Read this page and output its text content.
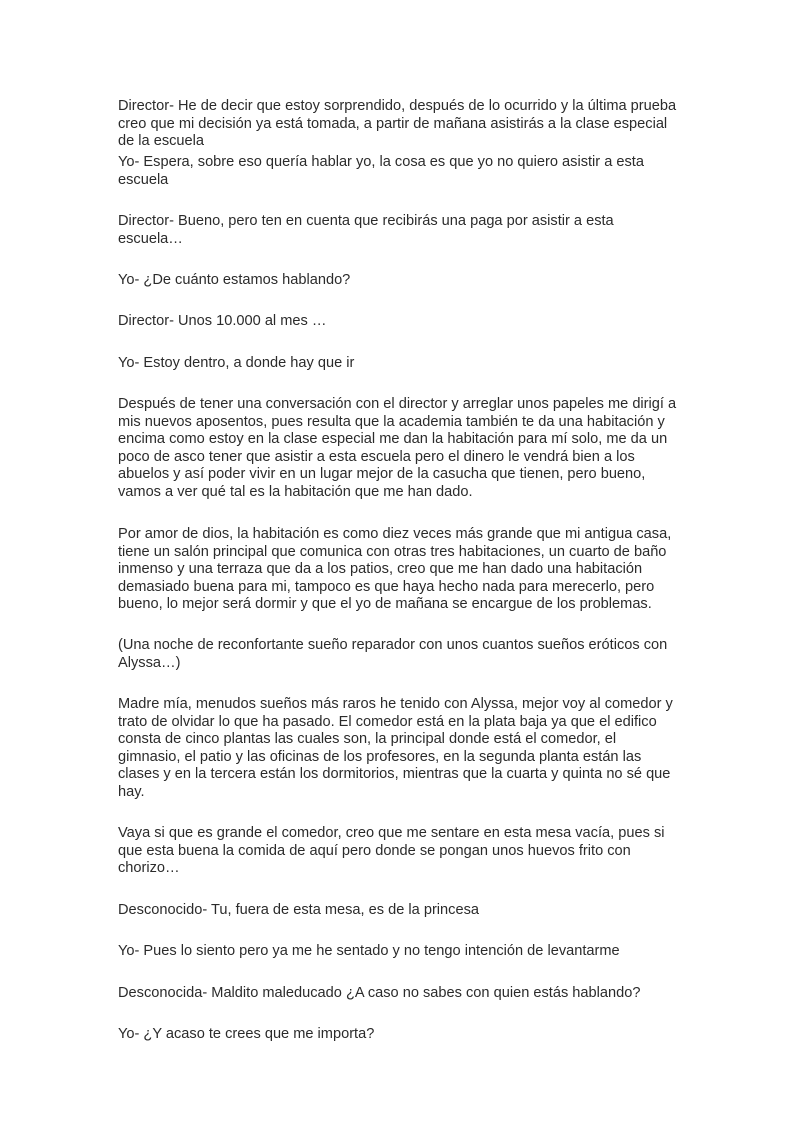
Director- He de decir que estoy sorprendido, después de lo ocurrido y la última prueba
creo que mi decisión ya está tomada, a partir de mañana asistirás a la clase especial
de la escuela

Yo- Espera, sobre eso quería hablar yo, la cosa es que yo no quiero asistir a esta
escuela

Director- Bueno, pero ten en cuenta que recibirás una paga por asistir a esta
escuela…

Yo- ¿De cuánto estamos hablando?

Director- Unos 10.000 al mes …

Yo- Estoy dentro, a donde hay que ir

Después de tener una conversación con el director y arreglar unos papeles me dirigí a
mis nuevos aposentos, pues resulta que la academia también te da una habitación y
encima como estoy en la clase especial me dan la habitación para mí solo, me da un
poco de asco tener que asistir a esta escuela pero el dinero le vendrá bien a los
abuelos y así poder vivir en un lugar mejor de la casucha que tienen, pero bueno,
vamos a ver qué tal es la habitación que me han dado.

Por amor de dios, la habitación es como diez veces más grande que mi antigua casa,
tiene un salón principal que comunica con otras tres habitaciones, un cuarto de baño
inmenso y una terraza que da a los patios, creo que me han dado una habitación
demasiado buena para mi, tampoco es que haya hecho nada para merecerlo, pero
bueno, lo mejor será dormir y que el yo de mañana se encargue de los problemas.

(Una noche de reconfortante sueño reparador con unos cuantos sueños eróticos con
Alyssa…)

Madre mía, menudos sueños más raros he tenido con Alyssa, mejor voy al comedor y
trato de olvidar lo que ha pasado. El comedor está en la plata baja ya que el edifico
consta de cinco plantas las cuales son, la principal donde está el comedor, el
gimnasio, el patio y las oficinas de los profesores, en la segunda planta están las
clases y en la tercera están los dormitorios, mientras que la cuarta y quinta no sé que
hay.

Vaya si que es grande el comedor, creo que me sentare en esta mesa vacía, pues si
que esta buena la comida de aquí pero donde se pongan unos huevos frito con
chorizo…

Desconocido- Tu, fuera de esta mesa, es de la princesa

Yo- Pues lo siento pero ya me he sentado y no tengo intención de levantarme

Desconocida- Maldito maleducado ¿A caso no sabes con quien estás hablando?

Yo- ¿Y acaso te crees que me importa?
